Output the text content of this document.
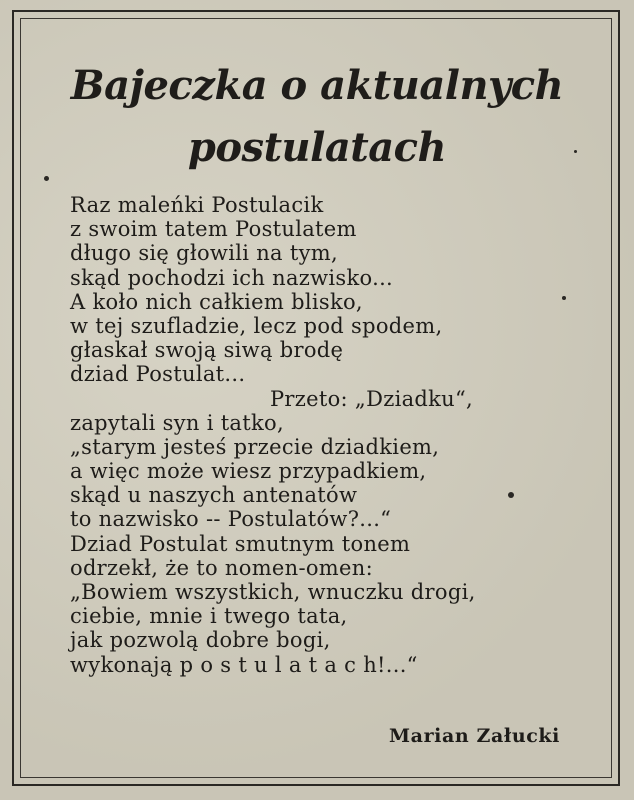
Bajeczka o aktualnych
postulatach
Raz maleńki Postulacik
z swoim tatem Postulatem
długo się głowili na tym,
skąd pochodzi ich nazwisko...
A koło nich całkiem blisko,
w tej szufladzie, lecz pod spodem,
głaskał swoją siwą brodę
dziad Postulat...
Przeto: „Dziadku“,
zapytali syn i tatko,
„starym jesteś przecie dziadkiem,
a więc może wiesz przypadkiem,
skąd u naszych antenatów
to nazwisko -- Postulatów?...“
Dziad Postulat smutnym tonem
odrzekł, że to nomen-omen:
„Bowiem wszystkich, wnuczku drogi,
ciebie, mnie i twego tata,
jak pozwolą dobre bogi,
wykonają p o s t u l a t a c h!...“
Marian Załucki
